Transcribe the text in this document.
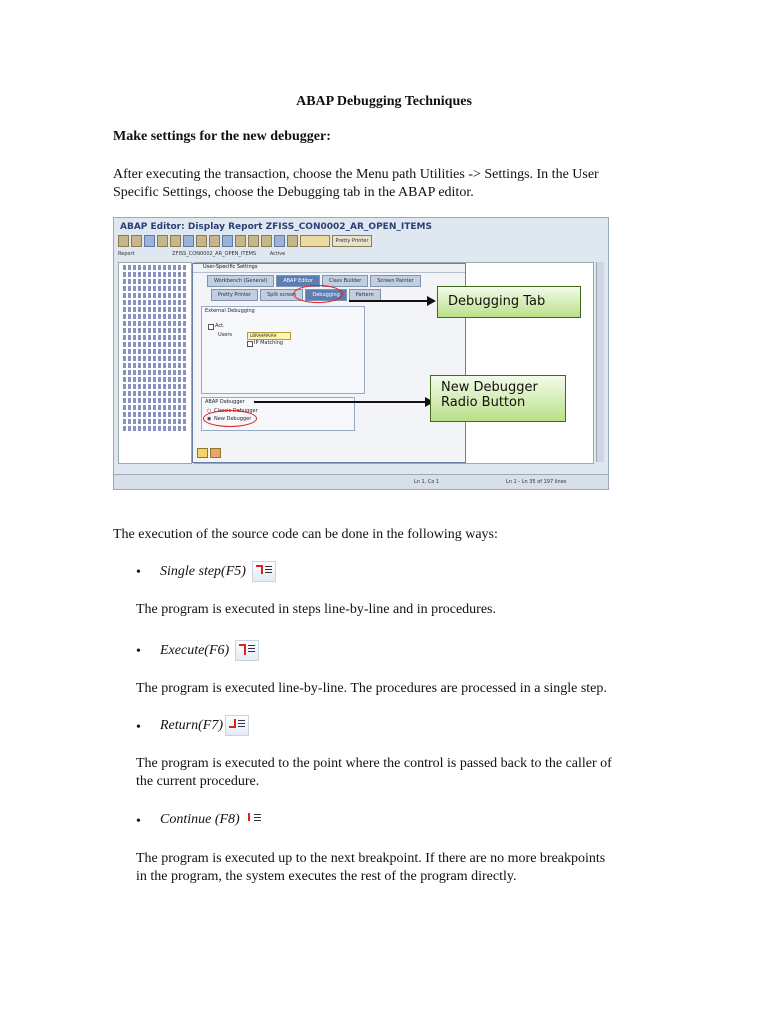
ABAP Debugging Techniques
Make settings for the new debugger:
After executing the transaction, choose the Menu path Utilities -> Settings. In the User
Specific Settings, choose the Debugging tab in the ABAP editor.
ABAP Editor: Display Report ZFISS_CON0002_AR_OPEN_ITEMS
Pretty Printer
Report	ZFISS_CON0002_AR_OPEN_ITEMS	Active
User-Specific Settings
Workbench (General)	ABAP Editor	Class Builder	Screen Painter
Pretty Printer	Split screen	Debugging	Pattern
External Debugging
Act.
Users	LBRAHMAIAH
IP Matching
ABAP Debugger
○ Classic Debugger
◉ New Debugger
Ln 1, Co 1	Ln 1 - Ln 35 of 197 lines
Debugging Tab
New Debugger
Radio Button
The execution of the source code can be done in the following ways:
• Single step(F5)
The program is executed in steps line-by-line and in procedures.
• Execute(F6)
The program is executed line-by-line. The procedures are processed in a single step.
• Return(F7)
The program is executed to the point where the control is passed back to the caller of
the current procedure.
• Continue (F8)
The program is executed up to the next breakpoint. If there are no more breakpoints
in the program, the system executes the rest of the program directly.
